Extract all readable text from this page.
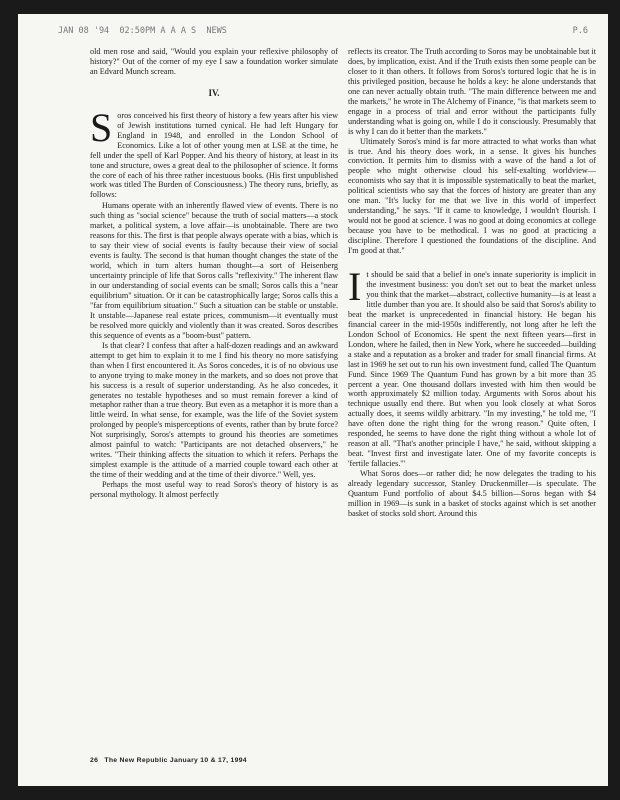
JAN 08 '94  02:50PM A A A S  NEWS	P.6

old men rose and said, "Would you explain your reflexive philosophy of history?" Out of the corner of my eye I saw a foundation worker simulate an Edvard Munch scream.

IV.

Soros conceived his first theory of history a few years after his view of Jewish institutions turned cynical. He had left Hungary for England in 1948, and enrolled in the London School of Economics. Like a lot of other young men at LSE at the time, he fell under the spell of Karl Popper. And his theory of history, at least in its tone and structure, owes a great deal to the philosopher of science. It forms the core of each of his three rather incestuous books. (His first unpublished work was titled The Burden of Consciousness.) The theory runs, briefly, as follows:

Humans operate with an inherently flawed view of events. There is no such thing as "social science" because the truth of social matters—a stock market, a political system, a love affair—is unobtainable. There are two reasons for this. The first is that people always operate with a bias, which is to say their view of social events is faulty because their view of social events is faulty. The second is that human thought changes the state of the world, which in turn alters human thought—a sort of Heisenberg uncertainty principle of life that Soros calls "reflexivity." The inherent flaw in our understanding of social events can be small; Soros calls this a "near equilibrium" situation. Or it can be catastrophically large; Soros calls this a "far from equilibrium situation." Such a situation can be stable or unstable. It unstable—Japanese real estate prices, communism—it eventually must be resolved more quickly and violently than it was created. Soros describes this sequence of events as a "boom-bust" pattern.

Is that clear? I confess that after a half-dozen readings and an awkward attempt to get him to explain it to me I find his theory no more satisfying than when I first encountered it. As Soros concedes, it is of no obvious use to anyone trying to make money in the markets, and so does not prove that his success is a result of superior understanding. As he also concedes, it generates no testable hypotheses and so must remain forever a kind of metaphor rather than a true theory. But even as a metaphor it is more than a little weird. In what sense, for example, was the life of the Soviet system prolonged by people's misperceptions of events, rather than by brute force? Not surprisingly, Soros's attempts to ground his theories are sometimes almost painful to watch: "Participants are not detached observers," he writes. "Their thinking affects the situation to which it refers. Perhaps the simplest example is the attitude of a married couple toward each other at the time of their wedding and at the time of their divorce." Well, yes.

Perhaps the most useful way to read Soros's theory of history is as personal mythology. It almost perfectly

reflects its creator. The Truth according to Soros may be unobtainable but it does, by implication, exist. And if the Truth exists then some people can be closer to it than others. It follows from Soros's tortured logic that he is in this privileged position, because he holds a key: he alone understands that one can never actually obtain truth. "The main difference between me and the markets," he wrote in The Alchemy of Finance, "is that markets seem to engage in a process of trial and error without the participants fully understanding what is going on, while I do it consciously. Presumably that is why I can do it better than the markets."

Ultimately Soros's mind is far more attracted to what works than what is true. And his theory does work, in a sense. It gives his hunches conviction. It permits him to dismiss with a wave of the hand a lot of people who might otherwise cloud his self-exalting worldview—economists who say that it is impossible systematically to beat the market, political scientists who say that the forces of history are greater than any one man. "It's lucky for me that we live in this world of imperfect understanding," he says. "If it came to knowledge, I wouldn't flourish. I would not be good at science. I was no good at doing economics at college because you have to be methodical. I was no good at practicing a discipline. Therefore I questioned the foundations of the discipline. And I'm good at that."

It should be said that a belief in one's innate superiority is implicit in the investment business: you don't set out to beat the market unless you think that the market—abstract, collective humanity—is at least a little dumber than you are. It should also be said that Soros's ability to beat the market is unprecedented in financial history. He began his financial career in the mid-1950s indifferently, not long after he left the London School of Economics. He spent the next fifteen years—first in London, where he failed, then in New York, where he succeeded—building a stake and a reputation as a broker and trader for small financial firms. At last in 1969 he set out to run his own investment fund, called The Quantum Fund. Since 1969 The Quantum Fund has grown by a bit more than 35 percent a year. One thousand dollars invested with him then would be worth approximately $2 million today. Arguments with Soros about his technique usually end there. But when you look closely at what Soros actually does, it seems wildly arbitrary. "In my investing," he told me, "I have often done the right thing for the wrong reason." Quite often, I responded, he seems to have done the right thing without a whole lot of reason at all. "That's another principle I have," he said, without skipping a beat. "Invest first and investigate later. One of my favorite concepts is 'fertile fallacies.'"

What Soros does—or rather did; he now delegates the trading to his already legendary successor, Stanley Druckenmiller—is speculate. The Quantum Fund portfolio of about $4.5 billion—Soros began with $4 million in 1969—is sunk in a basket of stocks against which is set another basket of stocks sold short. Around this

26 The New Republic January 10 & 17, 1994
